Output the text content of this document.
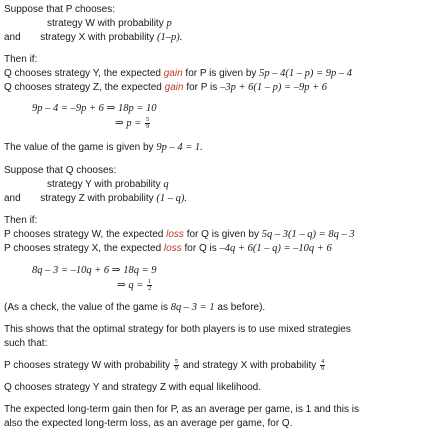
Suppose that P chooses:
strategy W with probability p
and strategy X with probability (1–p).
Then if:
Q chooses strategy Y, the expected gain for P is given by 5p – 4(1 – p) = 9p – 4
Q chooses strategy Z, the expected gain for P is –3p + 6(1 – p) = –9p + 6
9p – 4 = –9p + 6 ⇒ 18p = 10
⇒ $p = \frac{5}{9}$
The value of the game is given by 9p – 4 = 1.
Suppose that Q chooses:
strategy Y with probability q
and strategy Z with probability (1 – q).
Then if:
P chooses strategy W, the expected loss for Q is given by 5q – 3(1 – q) = 8q – 3
P chooses strategy X, the expected loss for Q is –4q + 6(1 – q) = –10q + 6
8q – 3 = –10q + 6 ⇒ 18q = 9
⇒ $q = \frac{1}{2}$
(As a check, the value of the game is 8q – 3 = 1 as before).
This shows that the optimal strategy for both players is to use mixed strategies
such that:
P chooses strategy W with probability $\frac{5}{9}$ and strategy X with probability $\frac{4}{9}$
Q chooses strategy Y and strategy Z with equal likelihood.
The expected long-term gain then for P, as an average per game, is 1 and this is
also the expected long-term loss, as an average per game, for Q.
